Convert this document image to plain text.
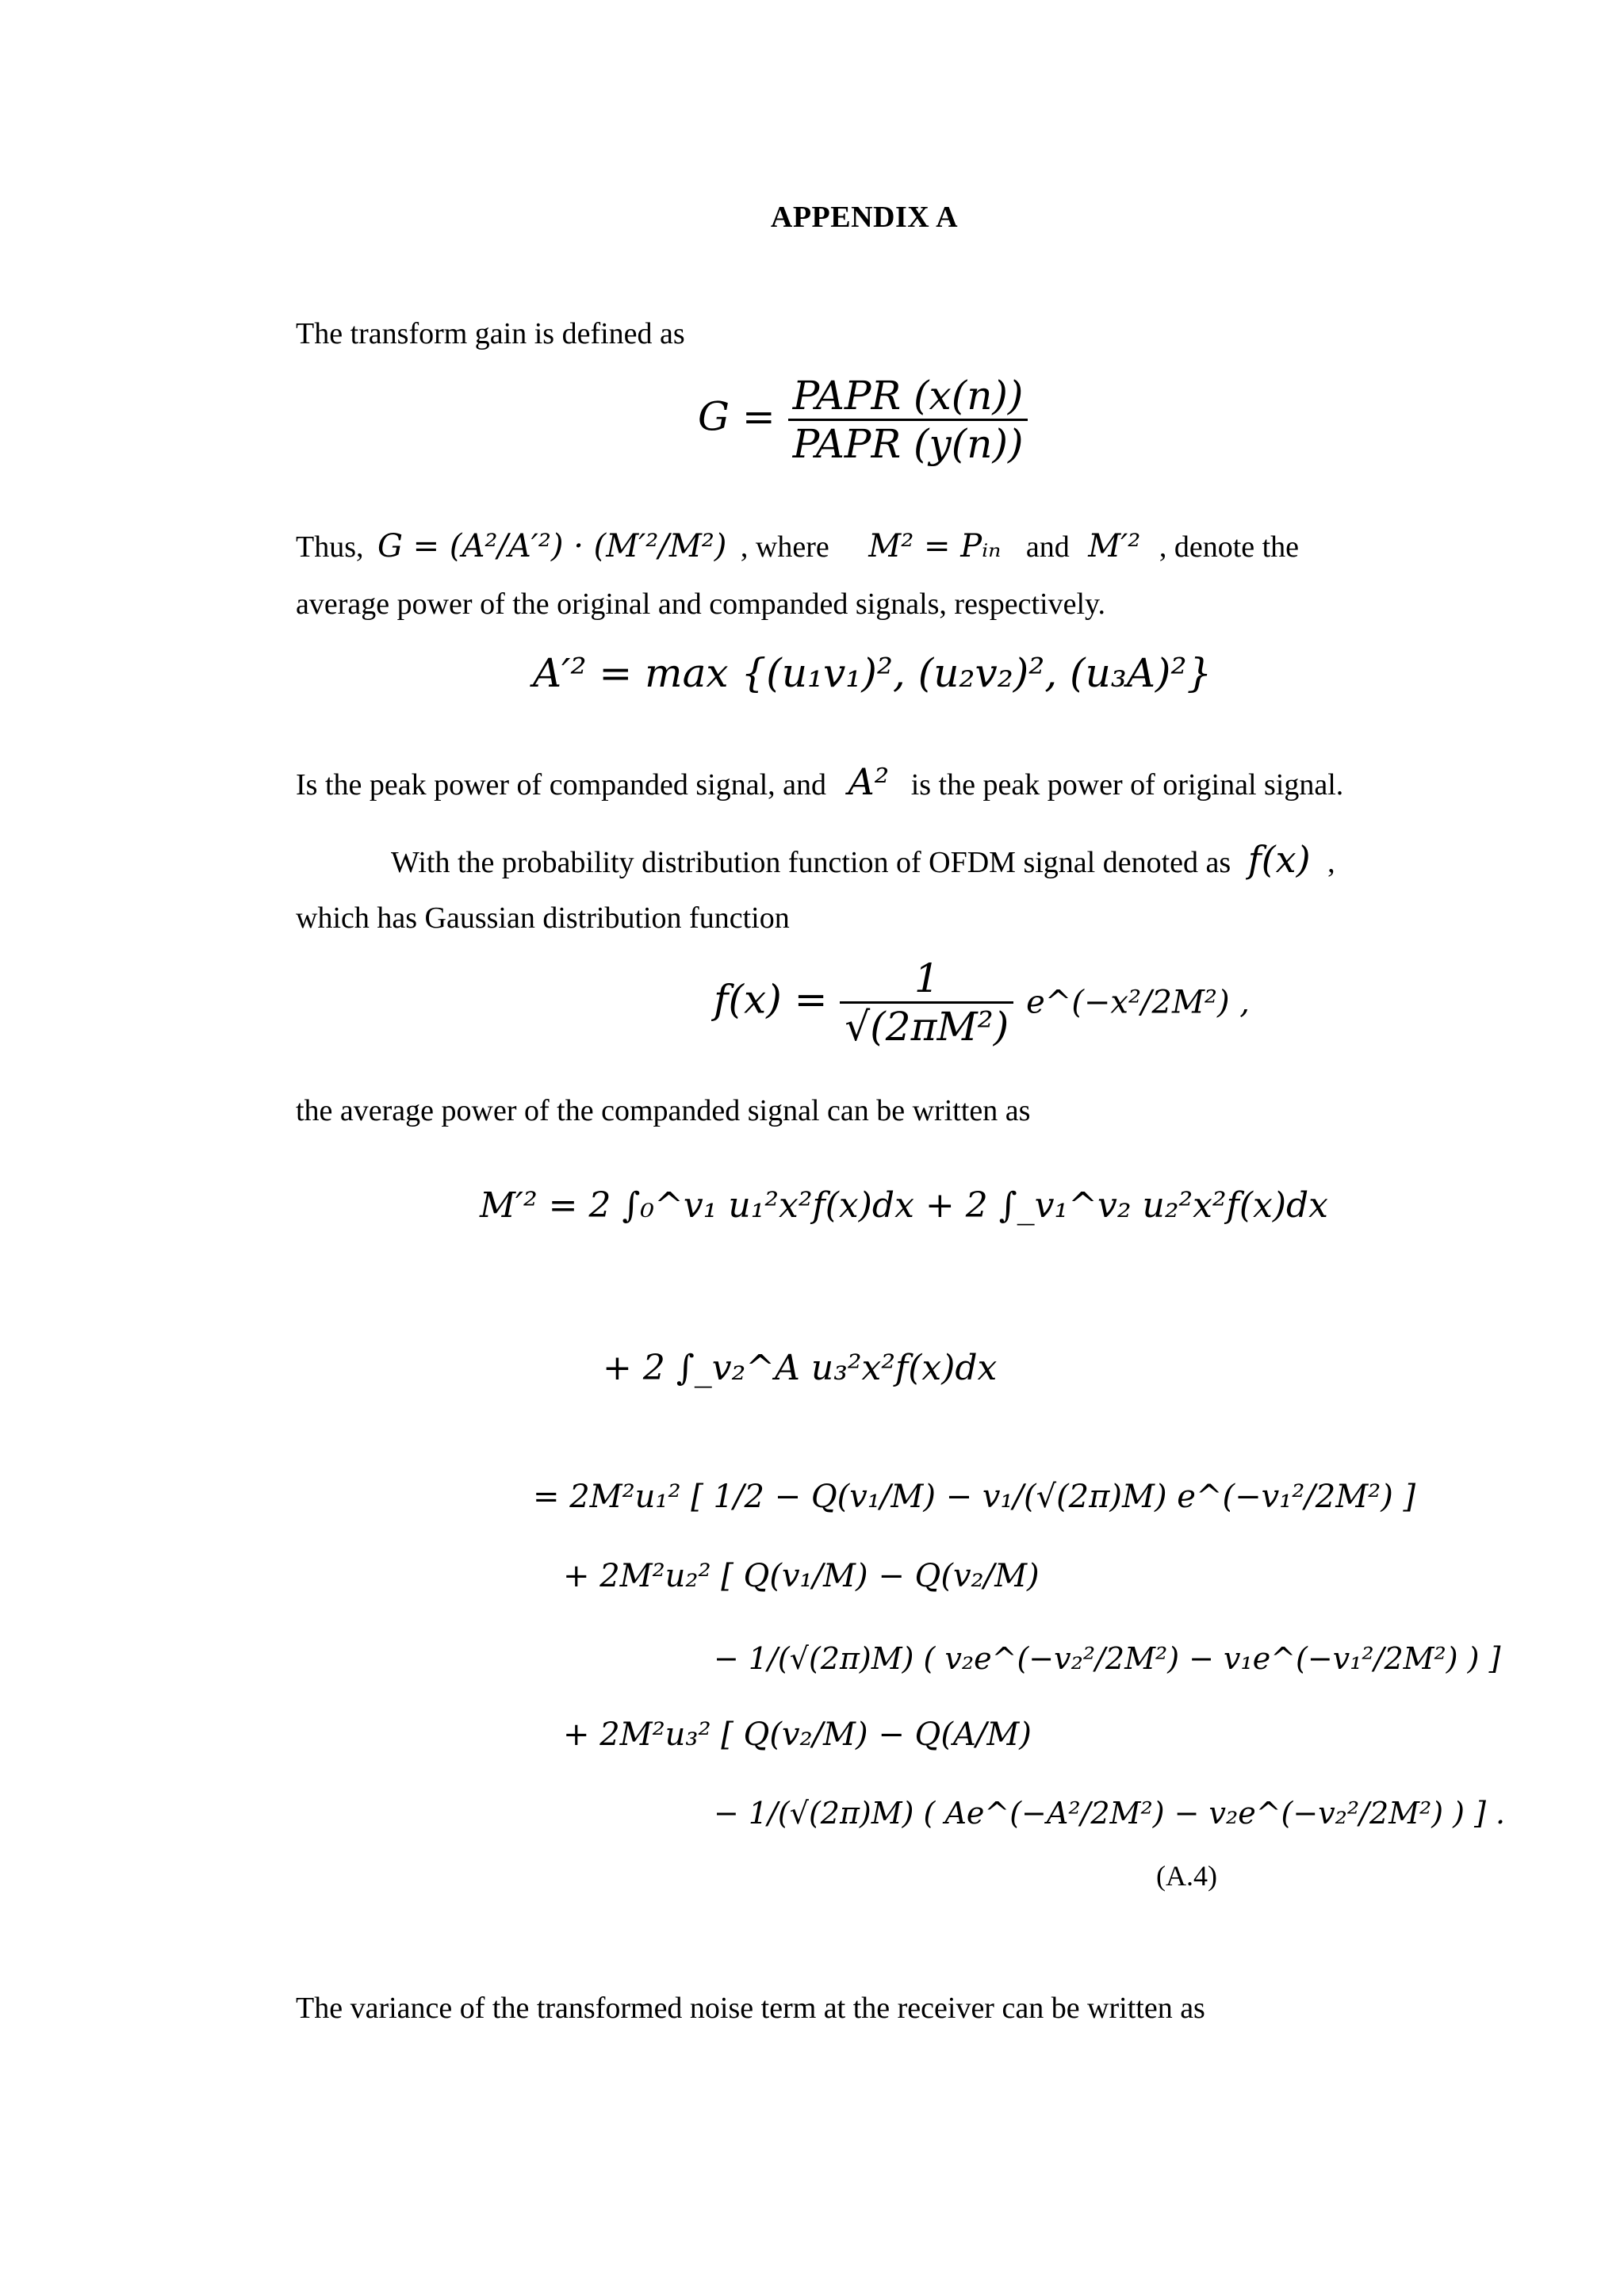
APPENDIX A
The transform gain is defined as
$G = \frac{\text{PAPR (x(n))}}{\text{PAPR (y(n))}}$
Thus, G = (A²/A′²) · (M′²/M²) , where M² = Pᵢₙ and M′² , denote the
average power of the original and companded signals, respectively.
A′² = max {(u₁v₁)², (u₂v₂)², (u₃A)²}
Is the peak power of companded signal, and A² is the peak power of original signal.
With the probability distribution function of OFDM signal denoted as f(x) ,
which has Gaussian distribution function
$f(x) = \frac{1}{\text{√(2πM²)}}$ e^(−x²/2M²) ,
the average power of the companded signal can be written as
M′² = 2 ∫₀^v₁ u₁²x²f(x)dx + 2 ∫_v₁^v₂ u₂²x²f(x)dx
+ 2 ∫_v₂^A u₃²x²f(x)dx
= 2M²u₁² [ 1/2 − Q(v₁/M) − v₁/(√(2π)M) e^(−v₁²/2M²) ]
+ 2M²u₂² [ Q(v₁/M) − Q(v₂/M)
− 1/(√(2π)M) ( v₂e^(−v₂²/2M²) − v₁e^(−v₁²/2M²) ) ]
+ 2M²u₃² [ Q(v₂/M) − Q(A/M)
− 1/(√(2π)M) ( Ae^(−A²/2M²) − v₂e^(−v₂²/2M²) ) ] .
(A.4)
The variance of the transformed noise term at the receiver can be written as
